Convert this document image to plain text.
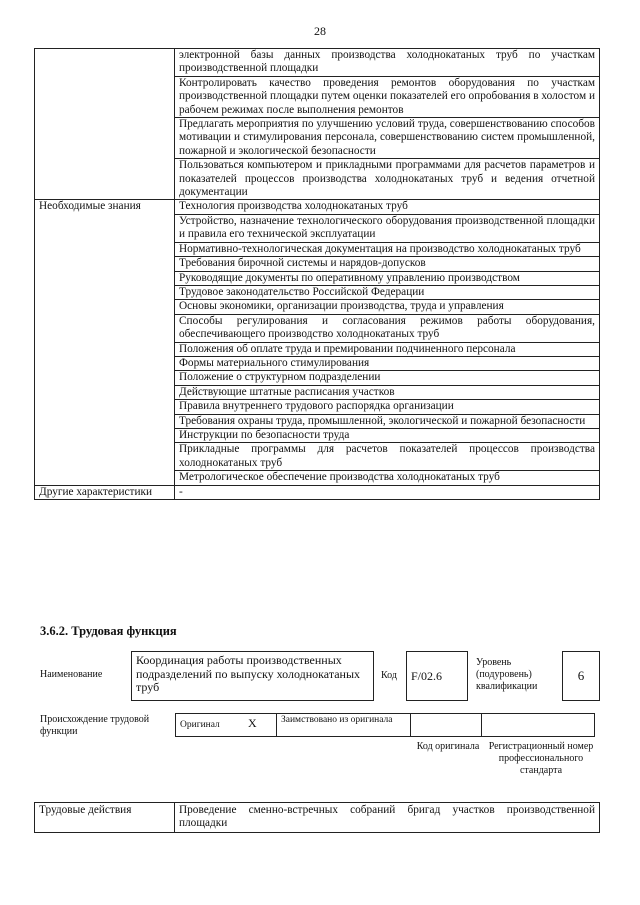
28
	электронной базы данных производства холоднокатаных труб по участкам производственной площадки
	Контролировать качество проведения ремонтов оборудования по участкам производственной площадки путем оценки показателей его опробования в холостом и рабочем режимах после выполнения ремонтов
	Предлагать мероприятия по улучшению условий труда, совершенствованию способов мотивации и стимулирования персонала, совершенствованию систем промышленной, пожарной и экологической безопасности
	Пользоваться компьютером и прикладными программами для расчетов параметров и показателей процессов производства холоднокатаных труб и ведения отчетной документации
Необходимые знания	Технология производства холоднокатаных труб
	Устройство, назначение технологического оборудования производственной площадки и правила его технической эксплуатации
	Нормативно-технологическая документация на производство холоднокатаных труб
	Требования бирочной системы и нарядов-допусков
	Руководящие документы по оперативному управлению производством
	Трудовое законодательство Российской Федерации
	Основы экономики, организации производства, труда и управления
	Способы регулирования и согласования режимов работы оборудования, обеспечивающего производство холоднокатаных труб
	Положения об оплате труда и премировании подчиненного персонала
	Формы материального стимулирования
	Положение о структурном подразделении
	Действующие штатные расписания участков
	Правила внутреннего трудового распорядка организации
	Требования охраны труда, промышленной, экологической и пожарной безопасности
	Инструкции по безопасности труда
	Прикладные программы для расчетов показателей процессов производства холоднокатаных труб
	Метрологическое обеспечение производства холоднокатаных труб
Другие характеристики	-
3.6.2. Трудовая функция
Наименование
Координация работы производственных подразделений по выпуску холоднокатаных труб
Код	F/02.6
Уровень (подуровень) квалификации
6
Происхождение трудовой функции
Оригинал X	Заимствовано из оригинала
Код оригинала Регистрационный номер профессионального стандарта
Трудовые действия	Проведение сменно-встречных собраний бригад участков производственной площадки
